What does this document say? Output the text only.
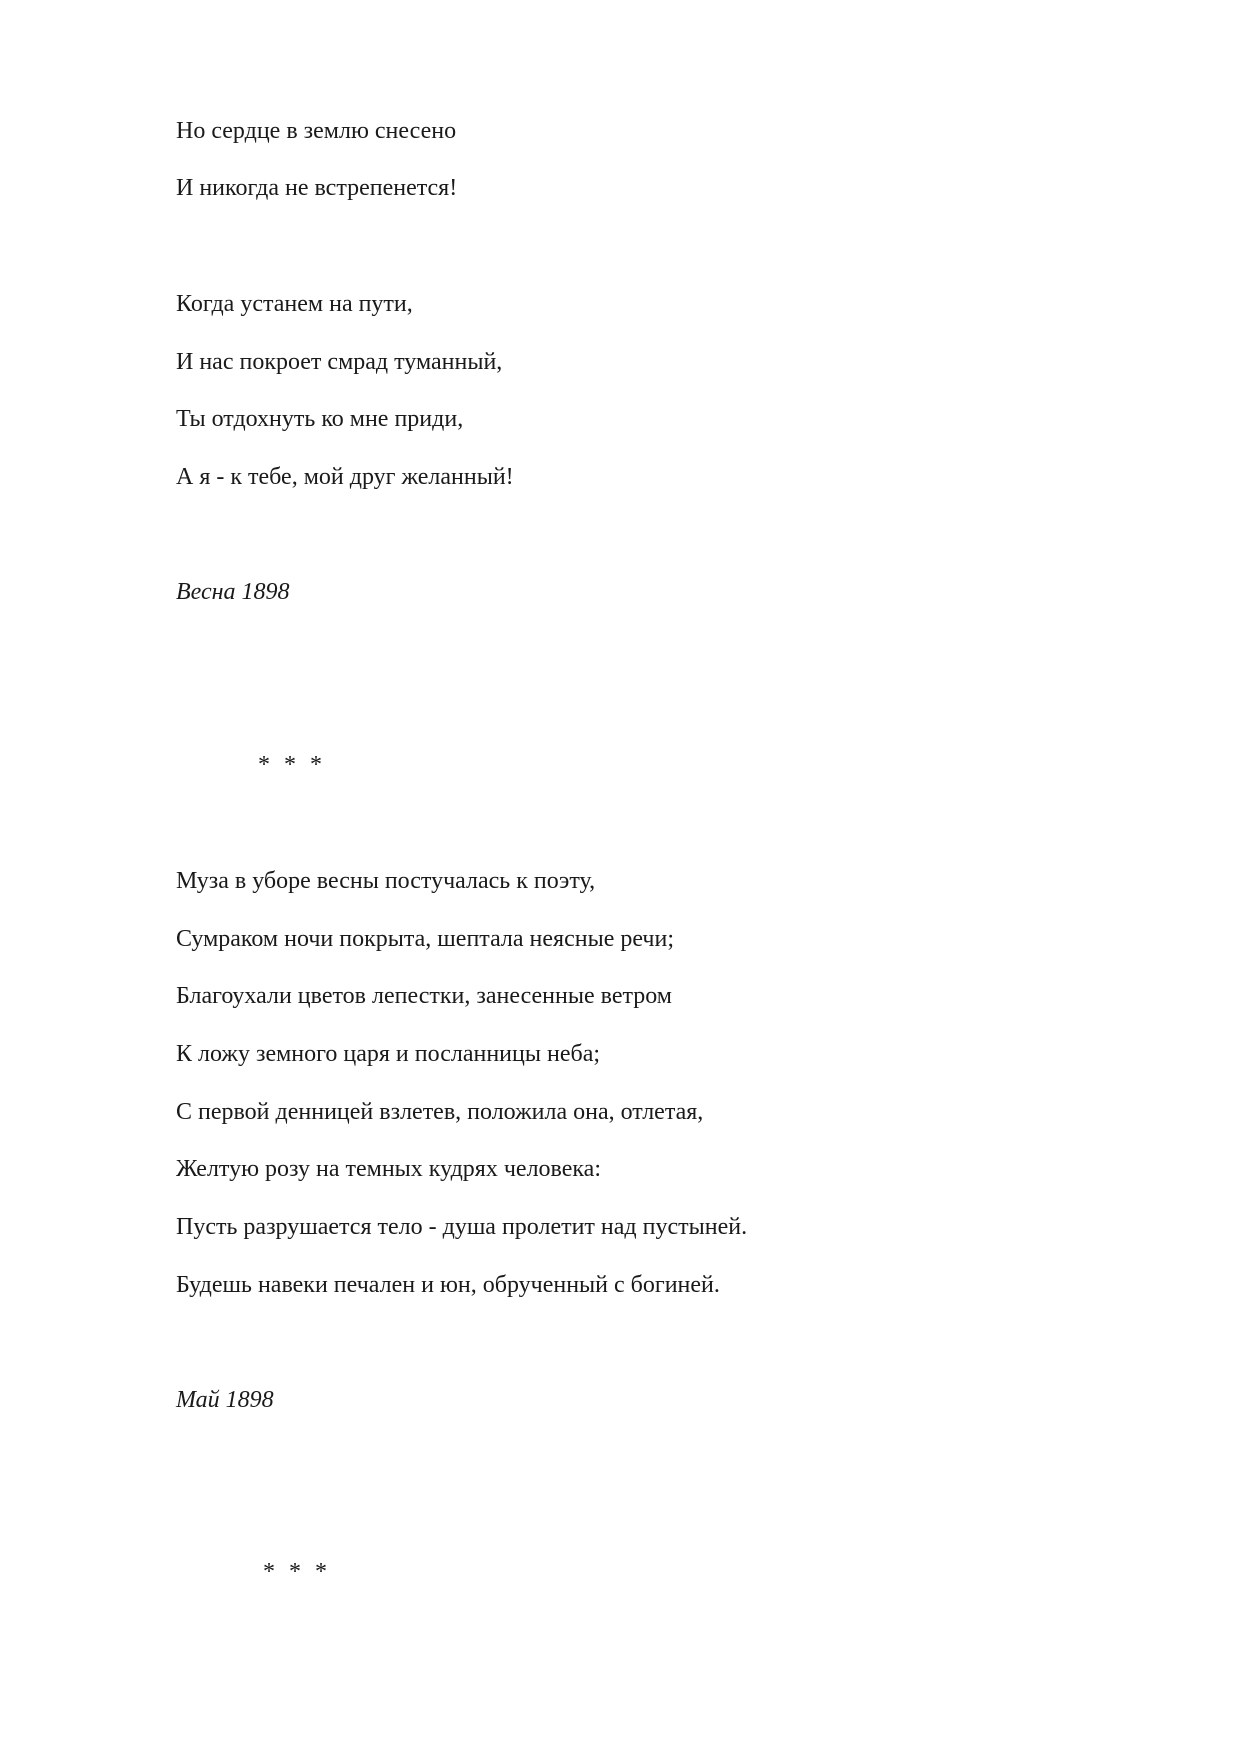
Но сердце в землю снесено
И никогда не встрепенется!
Когда устанем на пути,
И нас покроет смрад туманный,
Ты отдохнуть ко мне приди,
А я - к тебе, мой друг желанный!
Весна 1898
* * *
Муза в уборе весны постучалась к поэту,
Сумраком ночи покрыта, шептала неясные речи;
Благоухали цветов лепестки, занесенные ветром
К ложу земного царя и посланницы неба;
С первой денницей взлетев, положила она, отлетая,
Желтую розу на темных кудрях человека:
Пусть разрушается тело - душа пролетит над пустыней.
Будешь навеки печален и юн, обрученный с богиней.
Май 1898
* * *
